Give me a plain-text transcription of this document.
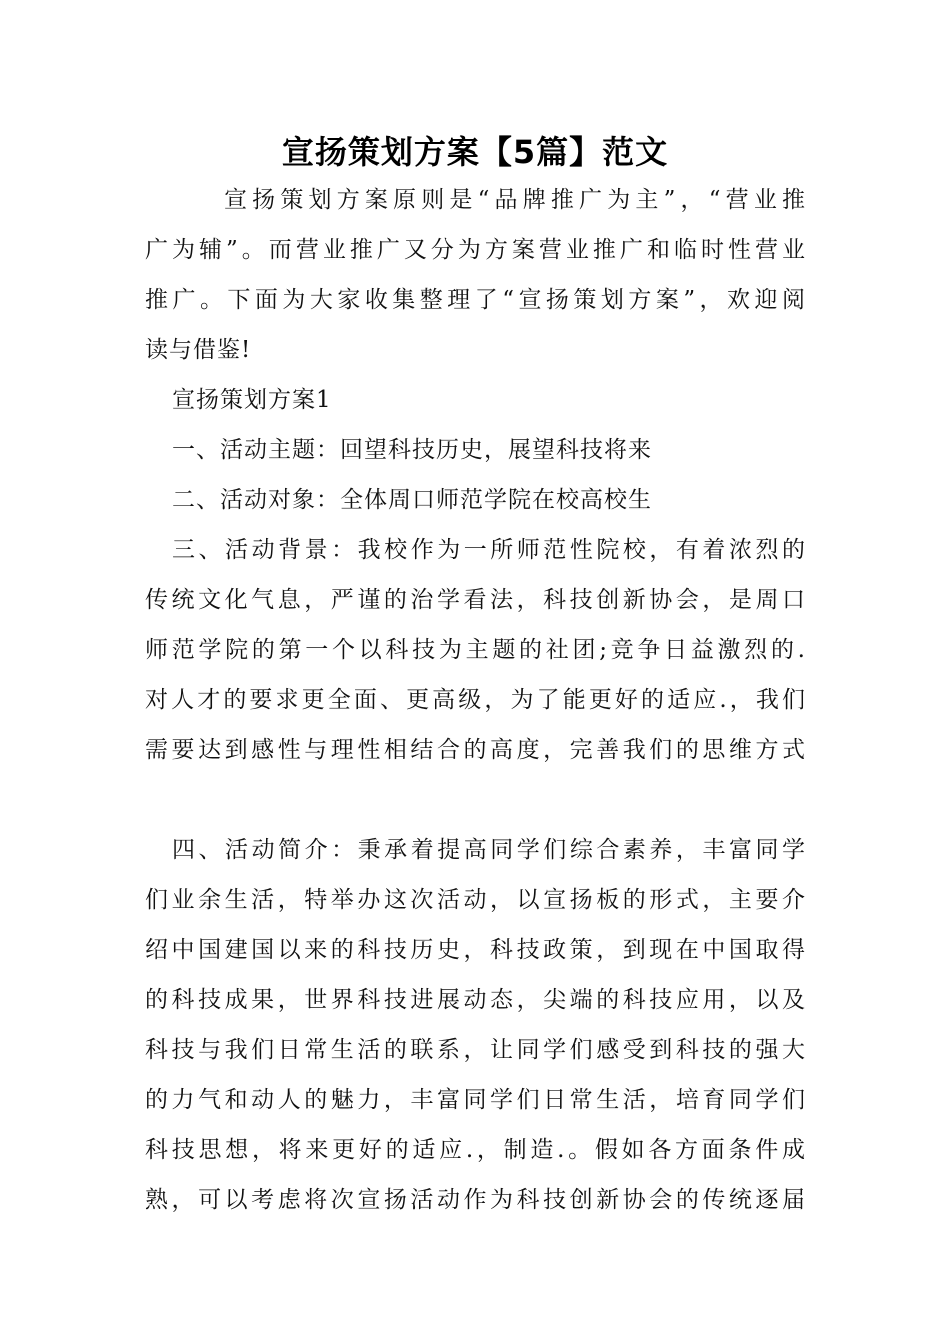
宣扬策划方案【5篇】范文
宣扬策划方案原则是“品牌推广为主”，“营业推
广为辅”。而营业推广又分为方案营业推广和临时性营业
推广。下面为大家收集整理了“宣扬策划方案”，欢迎阅
读与借鉴!
宣扬策划方案1
一、活动主题：回望科技历史，展望科技将来
二、活动对象：全体周口师范学院在校高校生
三、活动背景：我校作为一所师范性院校，有着浓烈的
传统文化气息，严谨的治学看法，科技创新协会，是周口
师范学院的第一个以科技为主题的社团;竞争日益激烈的.
对人才的要求更全面、更高级，为了能更好的适应.，我们
需要达到感性与理性相结合的高度，完善我们的思维方式
四、活动简介：秉承着提高同学们综合素养，丰富同学
们业余生活，特举办这次活动，以宣扬板的形式，主要介
绍中国建国以来的科技历史，科技政策，到现在中国取得
的科技成果，世界科技进展动态，尖端的科技应用，以及
科技与我们日常生活的联系，让同学们感受到科技的强大
的力气和动人的魅力，丰富同学们日常生活，培育同学们
科技思想，将来更好的适应.，制造.。假如各方面条件成
熟，可以考虑将次宣扬活动作为科技创新协会的传统逐届
